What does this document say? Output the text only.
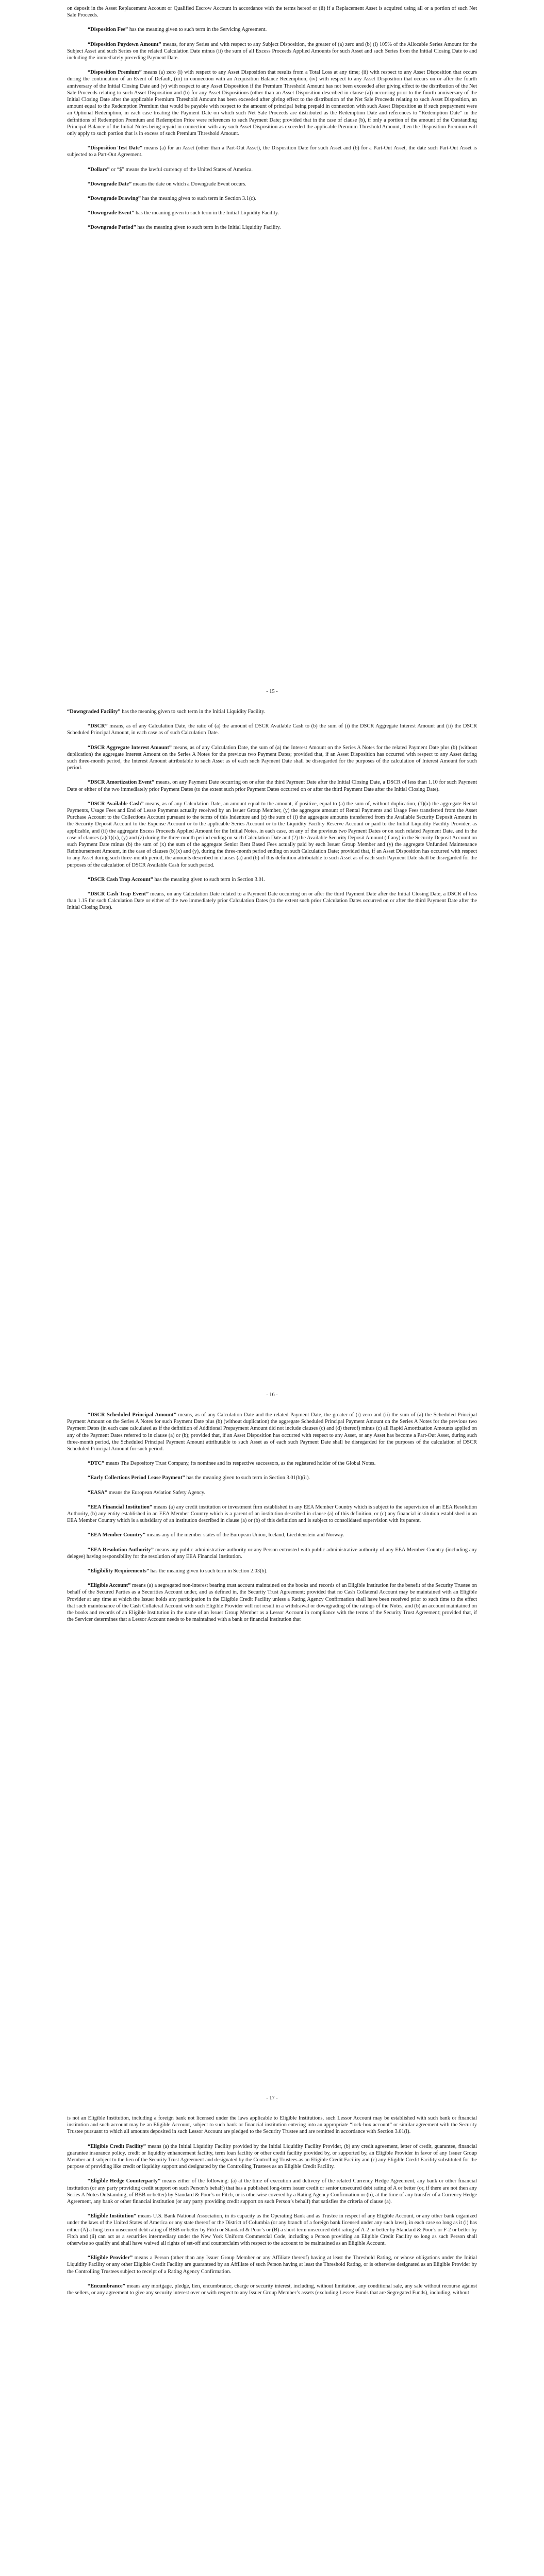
on deposit in the Asset Replacement Account or Qualified Escrow Account in accordance with the terms hereof or (ii) if a Replacement Asset is acquired using all or a portion of such Net Sale Proceeds.

“Disposition Fee” has the meaning given to such term in the Servicing Agreement.

“Disposition Paydown Amount” means, for any Series and with respect to any Subject Disposition, the greater of (a) zero and (b) (i) 105% of the Allocable Series Amount for the Subject Asset and such Series on the related Calculation Date minus (ii) the sum of all Excess Proceeds Applied Amounts for such Asset and such Series from the Initial Closing Date to and including the immediately preceding Payment Date.

“Disposition Premium” means (a) zero (i) with respect to any Asset Disposition that results from a Total Loss at any time; (ii) with respect to any Asset Disposition that occurs during the continuation of an Event of Default, (iii) in connection with an Acquisition Balance Redemption, (iv) with respect to any Asset Disposition that occurs on or after the fourth anniversary of the Initial Closing Date and (v) with respect to any Asset Disposition if the Premium Threshold Amount has not been exceeded after giving effect to the distribution of the Net Sale Proceeds relating to such Asset Disposition and (b) for any Asset Dispositions (other than an Asset Disposition described in clause (a)) occurring prior to the fourth anniversary of the Initial Closing Date after the applicable Premium Threshold Amount has been exceeded after giving effect to the distribution of the Net Sale Proceeds relating to such Asset Disposition, an amount equal to the Redemption Premium that would be payable with respect to the amount of principal being prepaid in connection with such Asset Disposition as if such prepayment were an Optional Redemption, in each case treating the Payment Date on which such Net Sale Proceeds are distributed as the Redemption Date and references to “Redemption Date” in the definitions of Redemption Premium and Redemption Price were references to such Payment Date; provided that in the case of clause (b), if only a portion of the amount of the Outstanding Principal Balance of the Initial Notes being repaid in connection with any such Asset Disposition as exceeded the applicable Premium Threshold Amount, then the Disposition Premium will only apply to such portion that is in excess of such Premium Threshold Amount.

“Disposition Test Date” means (a) for an Asset (other than a Part-Out Asset), the Disposition Date for such Asset and (b) for a Part-Out Asset, the date such Part-Out Asset is subjected to a Part-Out Agreement.

“Dollars” or “$” means the lawful currency of the United States of America.

“Downgrade Date” means the date on which a Downgrade Event occurs.

“Downgrade Drawing” has the meaning given to such term in Section 3.1(c).

“Downgrade Event” has the meaning given to such term in the Initial Liquidity Facility.

“Downgrade Period” has the meaning given to such term in the Initial Liquidity Facility.

- 15 -

“Downgraded Facility” has the meaning given to such term in the Initial Liquidity Facility.

“DSCR” means, as of any Calculation Date, the ratio of (a) the amount of DSCR Available Cash to (b) the sum of (i) the DSCR Aggregate Interest Amount and (ii) the DSCR Scheduled Principal Amount, in each case as of such Calculation Date.

“DSCR Aggregate Interest Amount” means, as of any Calculation Date, the sum of (a) the Interest Amount on the Series A Notes for the related Payment Date plus (b) (without duplication) the aggregate Interest Amount on the Series A Notes for the previous two Payment Dates; provided that, if an Asset Disposition has occurred with respect to any Asset during such three-month period, the Interest Amount attributable to such Asset as of each such Payment Date shall be disregarded for the purposes of the calculation of Interest Amount for such period.

“DSCR Amortization Event” means, on any Payment Date occurring on or after the third Payment Date after the Initial Closing Date, a DSCR of less than 1.10 for such Payment Date or either of the two immediately prior Payment Dates (to the extent such prior Payment Dates occurred on or after the third Payment Date after the Initial Closing Date).

“DSCR Available Cash” means, as of any Calculation Date, an amount equal to the amount, if positive, equal to (a) the sum of, without duplication, (1)(x) the aggregate Rental Payments, Usage Fees and End of Lease Payments actually received by an Issuer Group Member, (y) the aggregate amount of Rental Payments and Usage Fees transferred from the Asset Purchase Account to the Collections Account pursuant to the terms of this Indenture and (z) the sum of (i) the aggregate amounts transferred from the Available Security Deposit Amount in the Security Deposit Account to the Expense Account or to the applicable Series Account or to the Liquidity Facility Reserve Account or paid to the Initial Liquidity Facility Provider, as applicable, and (ii) the aggregate Excess Proceeds Applied Amount for the Initial Notes, in each case, on any of the previous two Payment Dates or on such related Payment Date, and in the case of clauses (a)(1)(x), (y) and (z) during the three-month period ending on such Calculation Date and (2) the Available Security Deposit Amount (if any) in the Security Deposit Account on such Payment Date minus (b) the sum of (x) the sum of the aggregate Senior Rent Based Fees actually paid by each Issuer Group Member and (y) the aggregate Unfunded Maintenance Reimbursement Amount, in the case of clauses (b)(x) and (y), during the three-month period ending on such Calculation Date; provided that, if an Asset Disposition has occurred with respect to any Asset during such three-month period, the amounts described in clauses (a) and (b) of this definition attributable to such Asset as of each such Payment Date shall be disregarded for the purposes of the calculation of DSCR Available Cash for such period.

“DSCR Cash Trap Account” has the meaning given to such term in Section 3.01.

“DSCR Cash Trap Event” means, on any Calculation Date related to a Payment Date occurring on or after the third Payment Date after the Initial Closing Date, a DSCR of less than 1.15 for such Calculation Date or either of the two immediately prior Calculation Dates (to the extent such prior Calculation Dates occurred on or after the third Payment Date after the Initial Closing Date).

- 16 -

“DSCR Scheduled Principal Amount” means, as of any Calculation Date and the related Payment Date, the greater of (i) zero and (ii) the sum of (a) the Scheduled Principal Payment Amount on the Series A Notes for such Payment Date plus (b) (without duplication) the aggregate Scheduled Principal Payment Amount on the Series A Notes for the previous two Payment Dates (in each case calculated as if the definition of Additional Prepayment Amount did not include clauses (c) and (d) thereof) minus (c) all Rapid Amortization Amounts applied on any of the Payment Dates referred to in clause (a) or (b); provided that, if an Asset Disposition has occurred with respect to any Asset, or any Asset has become a Part-Out Asset, during such three-month period, the Scheduled Principal Payment Amount attributable to such Asset as of each such Payment Date shall be disregarded for the purposes of the calculation of DSCR Scheduled Principal Amount for such period.

“DTC” means The Depository Trust Company, its nominee and its respective successors, as the registered holder of the Global Notes.

“Early Collections Period Lease Payment” has the meaning given to such term in Section 3.01(b)(ii).

“EASA” means the European Aviation Safety Agency.

“EEA Financial Institution” means (a) any credit institution or investment firm established in any EEA Member Country which is subject to the supervision of an EEA Resolution Authority, (b) any entity established in an EEA Member Country which is a parent of an institution described in clause (a) of this definition, or (c) any financial institution established in an EEA Member Country which is a subsidiary of an institution described in clause (a) or (b) of this definition and is subject to consolidated supervision with its parent.

“EEA Member Country” means any of the member states of the European Union, Iceland, Liechtenstein and Norway.

“EEA Resolution Authority” means any public administrative authority or any Person entrusted with public administrative authority of any EEA Member Country (including any delegee) having responsibility for the resolution of any EEA Financial Institution.

“Eligibility Requirements” has the meaning given to such term in Section 2.03(b).

“Eligible Account” means (a) a segregated non-interest bearing trust account maintained on the books and records of an Eligible Institution for the benefit of the Security Trustee on behalf of the Secured Parties as a Securities Account under, and as defined in, the Security Trust Agreement; provided that no Cash Collateral Account may be maintained with an Eligible Provider at any time at which the Issuer holds any participation in the Eligible Credit Facility unless a Rating Agency Confirmation shall have been received prior to such time to the effect that such maintenance of the Cash Collateral Account with such Eligible Provider will not result in a withdrawal or downgrading of the ratings of the Notes, and (b) an account maintained on the books and records of an Eligible Institution in the name of an Issuer Group Member as a Lessor Account in compliance with the terms of the Security Trust Agreement; provided that, if the Servicer determines that a Lessor Account needs to be maintained with a bank or financial institution that

- 17 -

is not an Eligible Institution, including a foreign bank not licensed under the laws applicable to Eligible Institutions, such Lessor Account may be established with such bank or financial institution and such account may be an Eligible Account, subject to such bank or financial institution entering into an appropriate “lock-box account” or similar agreement with the Security Trustee pursuant to which all amounts deposited in such Lessor Account are pledged to the Security Trustee and are remitted in accordance with Section 3.01(l).

“Eligible Credit Facility” means (a) the Initial Liquidity Facility provided by the Initial Liquidity Facility Provider, (b) any credit agreement, letter of credit, guarantee, financial guarantee insurance policy, credit or liquidity enhancement facility, term loan facility or other credit facility provided by, or supported by, an Eligible Provider in favor of any Issuer Group Member and subject to the lien of the Security Trust Agreement and designated by the Controlling Trustees as an Eligible Credit Facility and (c) any Eligible Credit Facility substituted for the purpose of providing like credit or liquidity support and designated by the Controlling Trustees as an Eligible Credit Facility.

“Eligible Hedge Counterparty” means either of the following: (a) at the time of execution and delivery of the related Currency Hedge Agreement, any bank or other financial institution (or any party providing credit support on such Person’s behalf) that has a published long-term issuer credit or senior unsecured debt rating of A or better (or, if there are not then any Series A Notes Outstanding, of BBB or better) by Standard & Poor’s or Fitch, or is otherwise covered by a Rating Agency Confirmation or (b), at the time of any transfer of a Currency Hedge Agreement, any bank or other financial institution (or any party providing credit support on such Person’s behalf) that satisfies the criteria of clause (a).

“Eligible Institution” means U.S. Bank National Association, in its capacity as the Operating Bank and as Trustee in respect of any Eligible Account, or any other bank organized under the laws of the United States of America or any state thereof or the District of Columbia (or any branch of a foreign bank licensed under any such laws), in each case so long as it (i) has either (A) a long-term unsecured debt rating of BBB or better by Fitch or Standard & Poor’s or (B) a short-term unsecured debt rating of A-2 or better by Standard & Poor’s or F-2 or better by Fitch and (ii) can act as a securities intermediary under the New York Uniform Commercial Code, including a Person providing an Eligible Credit Facility so long as such Person shall otherwise so qualify and shall have waived all rights of set-off and counterclaim with respect to the account to be maintained as an Eligible Account.

“Eligible Provider” means a Person (other than any Issuer Group Member or any Affiliate thereof) having at least the Threshold Rating, or whose obligations under the Initial Liquidity Facility or any other Eligible Credit Facility are guaranteed by an Affiliate of such Person having at least the Threshold Rating, or is otherwise designated as an Eligible Provider by the Controlling Trustees subject to receipt of a Rating Agency Confirmation.

“Encumbrance” means any mortgage, pledge, lien, encumbrance, charge or security interest, including, without limitation, any conditional sale, any sale without recourse against the sellers, or any agreement to give any security interest over or with respect to any Issuer Group Member’s assets (excluding Lessee Funds that are Segregated Funds), including, without
